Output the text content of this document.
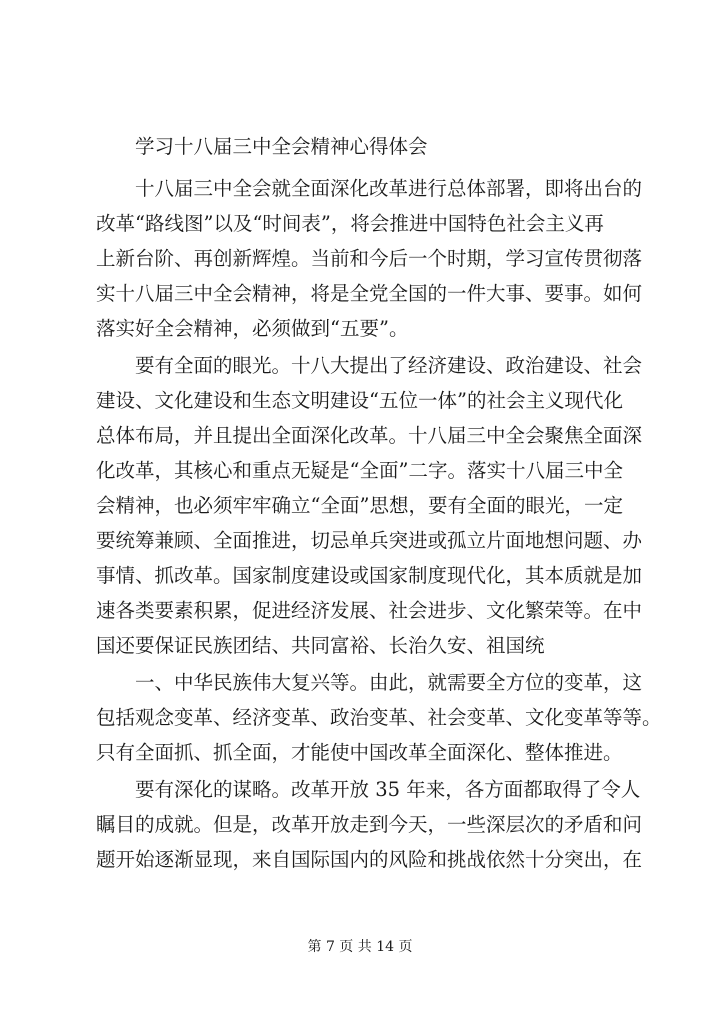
学习十八届三中全会精神心得体会
十八届三中全会就全面深化改革进行总体部署，即将出台的
改革“路线图”以及“时间表”，将会推进中国特色社会主义再
上新台阶、再创新辉煌。当前和今后一个时期，学习宣传贯彻落
实十八届三中全会精神，将是全党全国的一件大事、要事。如何
落实好全会精神，必须做到“五要”。
要有全面的眼光。十八大提出了经济建设、政治建设、社会
建设、文化建设和生态文明建设“五位一体”的社会主义现代化
总体布局，并且提出全面深化改革。十八届三中全会聚焦全面深
化改革，其核心和重点无疑是“全面”二字。落实十八届三中全
会精神，也必须牢牢确立“全面”思想，要有全面的眼光，一定
要统筹兼顾、全面推进，切忌单兵突进或孤立片面地想问题、办
事情、抓改革。国家制度建设或国家制度现代化，其本质就是加
速各类要素积累，促进经济发展、社会进步、文化繁荣等。在中
国还要保证民族团结、共同富裕、长治久安、祖国统
一、中华民族伟大复兴等。由此，就需要全方位的变革，这
包括观念变革、经济变革、政治变革、社会变革、文化变革等等。
只有全面抓、抓全面，才能使中国改革全面深化、整体推进。
要有深化的谋略。改革开放 35 年来，各方面都取得了令人
瞩目的成就。但是，改革开放走到今天，一些深层次的矛盾和问
题开始逐渐显现，来自国际国内的风险和挑战依然十分突出，在
第 7 页 共 14 页
